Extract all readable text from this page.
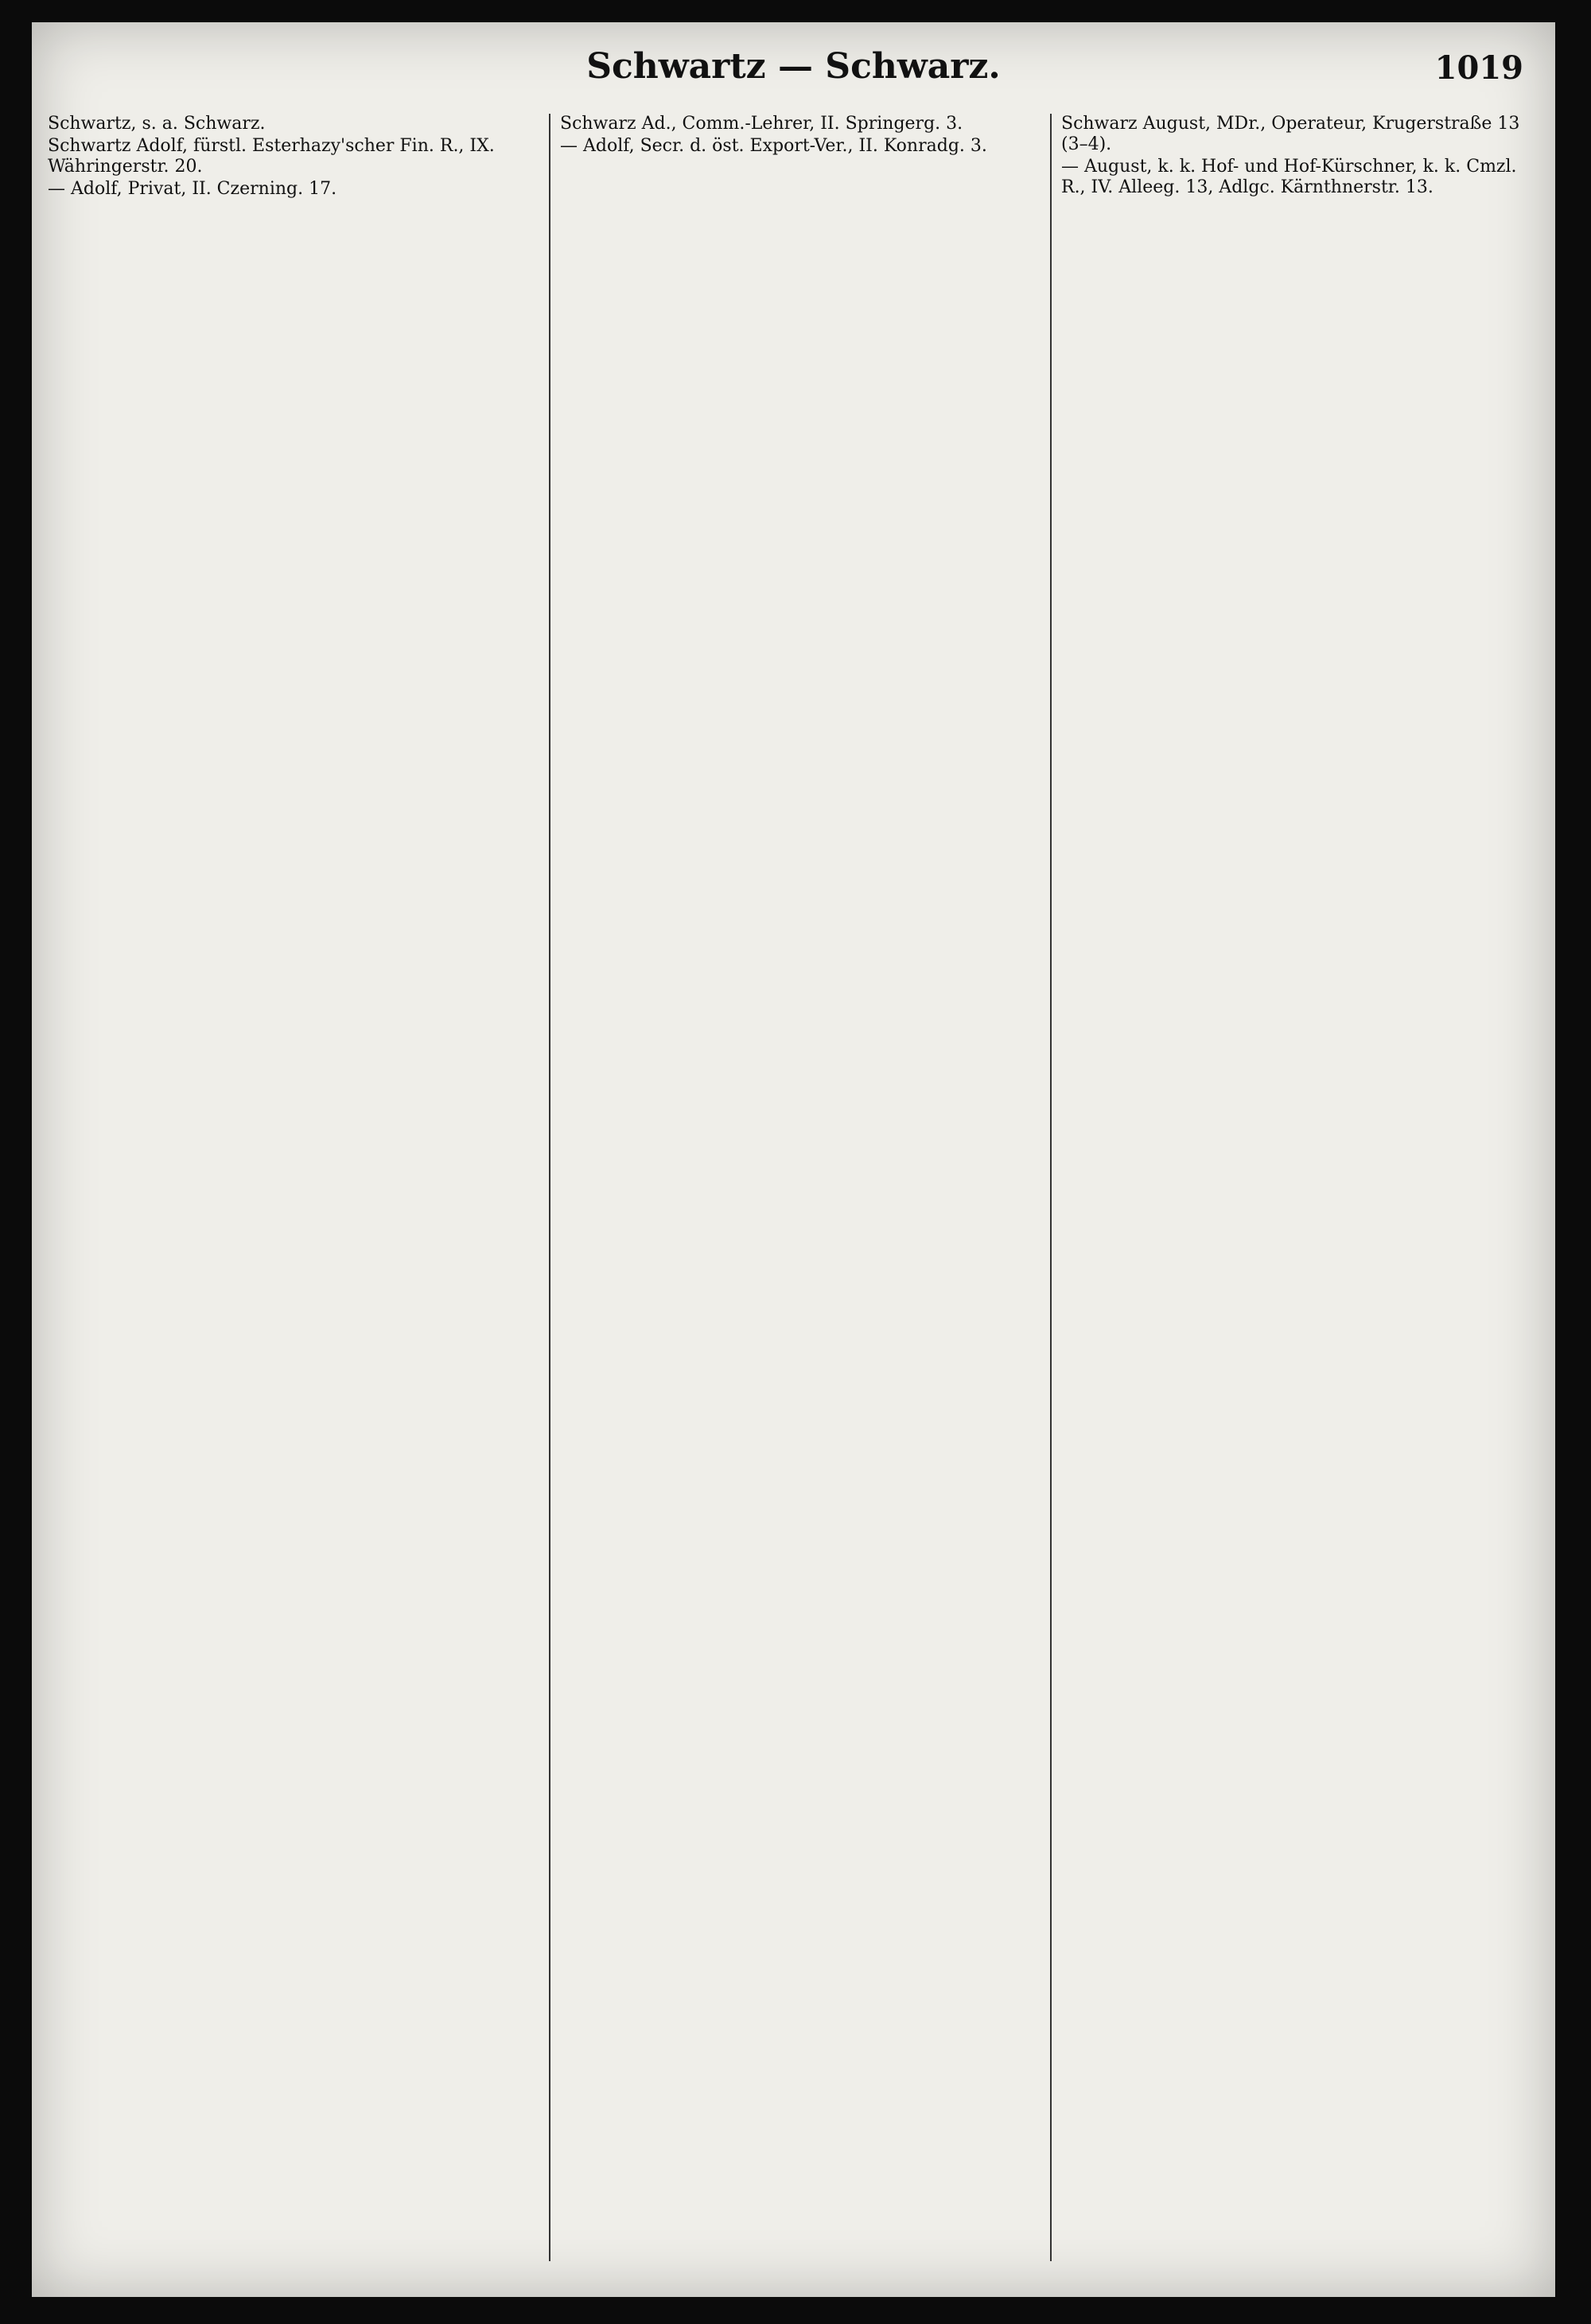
Schwartz — Schwarz.	1019
Schwartz, s. a. Schwarz.
Schwartz Adolf, fürstl. Esterhazy'scher Fin. R., IX. Währingerstr. 20.
— Adolf, Privat, II. Czerning. 17.
Schwarz Ad., Comm.-Lehrer, II. Springerg. 3.
— Adolf, Secr. d. öst. Export-Ver., II. Konradg. 3.
Schwarz August, MDr., Operateur, Krugerstraße 13 (3–4).
— August, k. k. Hof- und Hof-Kürschner, k. k. Cmzl. R., IV. Alleeg. 13, Adlgc. Kärnthnerstr. 13.
